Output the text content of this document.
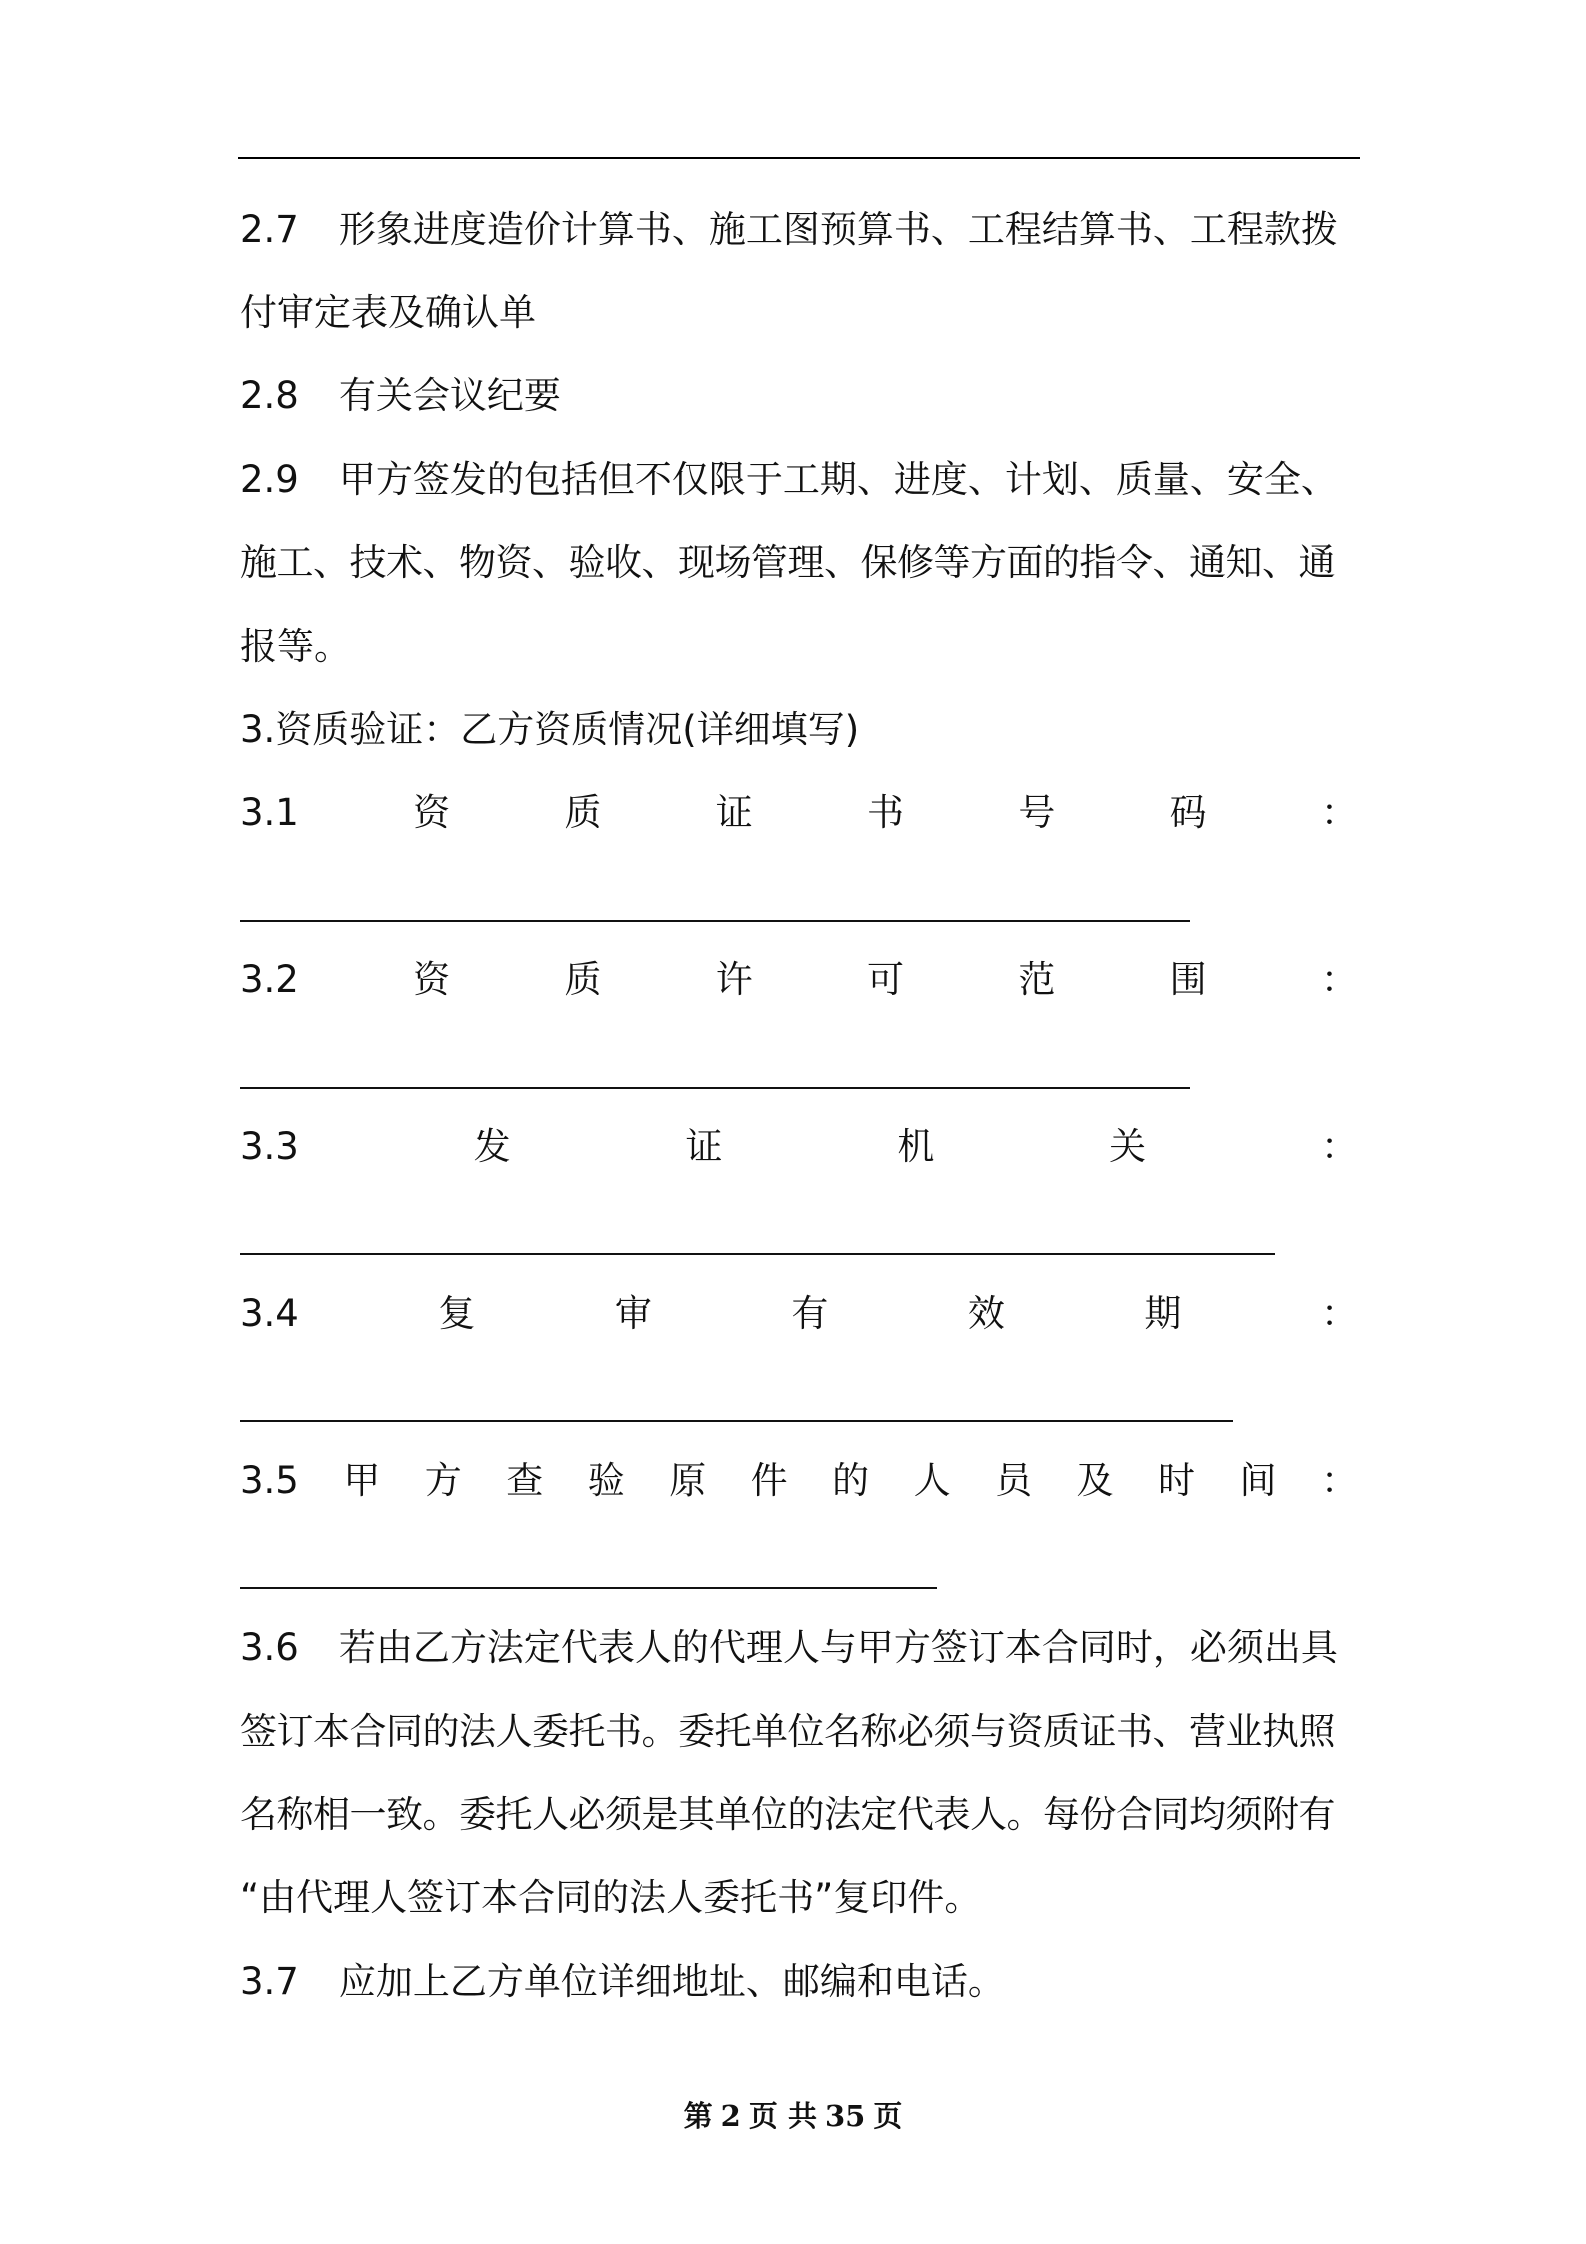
2.7 形象进度造价计算书、施工图预算书、工程结算书、工程款拨
付审定表及确认单
2.8 有关会议纪要
2.9 甲方签发的包括但不仅限于工期、进度、计划、质量、安全、
施工、技术、物资、验收、现场管理、保修等方面的指令、通知、通
报等。
3.资质验证：乙方资质情况(详细填写)
3.1	资	质	证	书	号	码	：
3.2	资	质	许	可	范	围	：
3.3	发	证	机	关	：
3.4	复	审	有	效	期	：
3.5 甲 方 查 验 原 件 的 人 员 及 时 间 ：
3.6 若由乙方法定代表人的代理人与甲方签订本合同时，必须出具
签订本合同的法人委托书。委托单位名称必须与资质证书、营业执照
名称相一致。委托人必须是其单位的法定代表人。每份合同均须附有
“由代理人签订本合同的法人委托书”复印件。
3.7 应加上乙方单位详细地址、邮编和电话。
第 2 页 共 35 页
